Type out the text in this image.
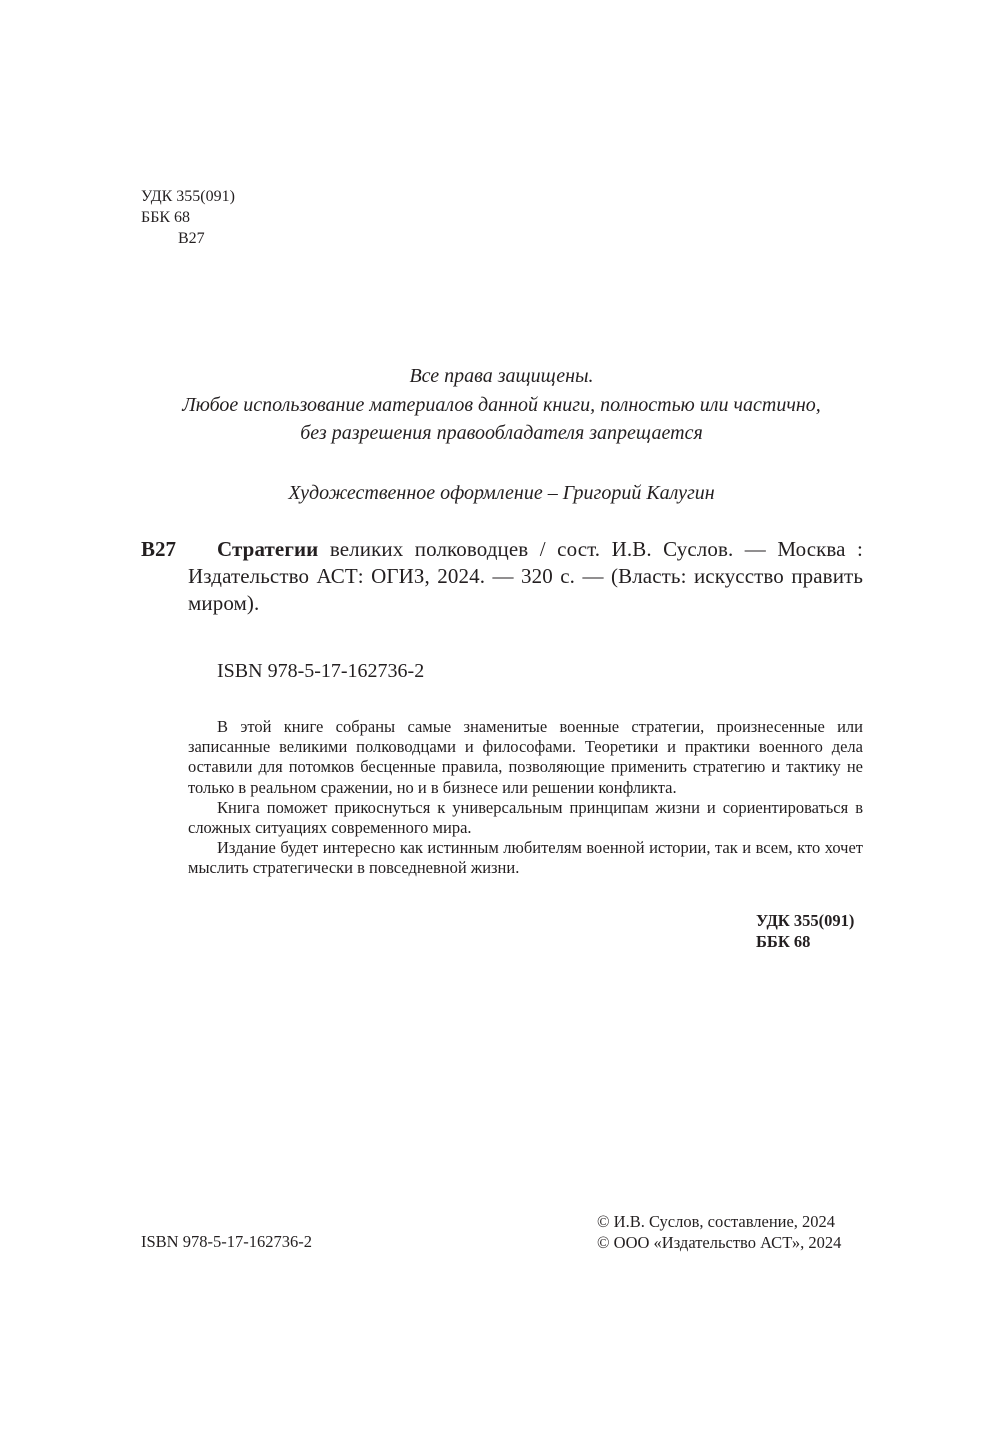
УДК 355(091)
ББК 68
В27
Все права защищены.
Любое использование материалов данной книги, полностью или частично,
без разрешения правообладателя запрещается
Художественное оформление – Григорий Калугин
В27	Стратегии великих полководцев / сост. И.В. Суслов. — Москва : Издательство АСТ: ОГИЗ, 2024. — 320 с. — (Власть: искусство править миром).
ISBN 978-5-17-162736-2

В этой книге собраны самые знаменитые военные стратегии, произнесенные или записанные великими полководцами и философами. Теоретики и практики военного дела оставили для потомков бесценные правила, позволяющие применить стратегию и тактику не только в реальном сражении, но и в бизнесе или решении конфликта.

Книга поможет прикоснуться к универсальным принципам жизни и сориентироваться в сложных ситуациях современного мира.

Издание будет интересно как истинным любителям военной истории, так и всем, кто хочет мыслить стратегически в повседневной жизни.

УДК 355(091)
ББК 68
ISBN 978-5-17-162736-2
© И.В. Суслов, составление, 2024
© ООО «Издательство АСТ», 2024
